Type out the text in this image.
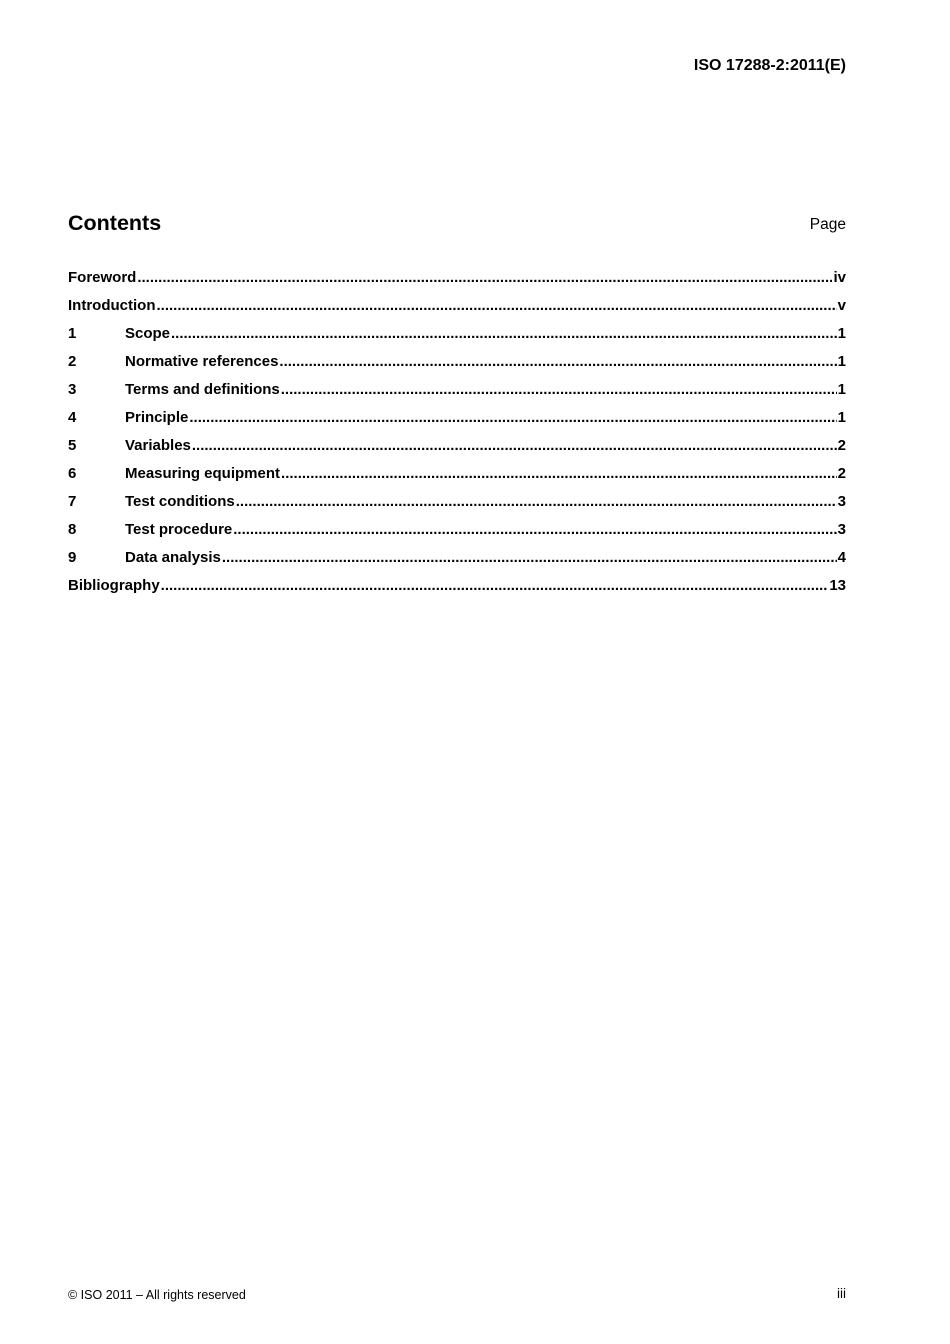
ISO 17288-2:2011(E)
Contents	Page
Foreword .....	iv
Introduction .....	v
1	Scope .....	1
2	Normative references .....	1
3	Terms and definitions .....	1
4	Principle .....	1
5	Variables .....	2
6	Measuring equipment .....	2
7	Test conditions .....	3
8	Test procedure .....	3
9	Data analysis .....	4
Bibliography .....	13
© ISO 2011 – All rights reserved	iii
